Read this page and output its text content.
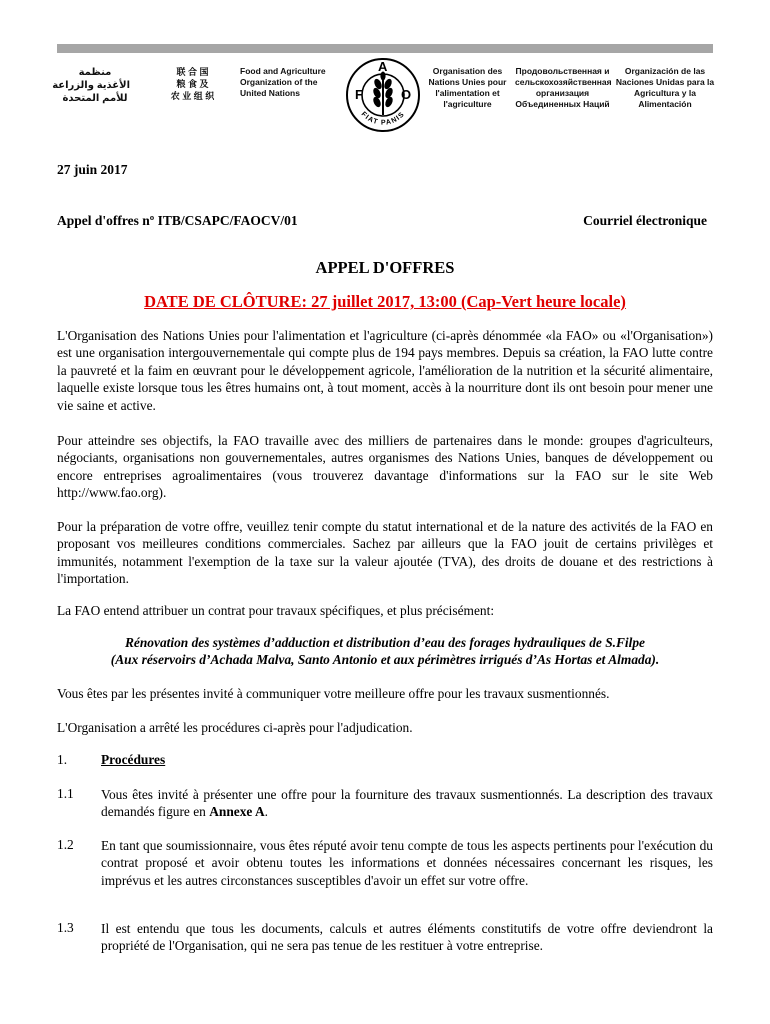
منظمة
الأغذية والزراعة
للأمم المتحدة
联 合 国
粮 食 及
农 业 组 织
Food and Agriculture
Organization of the
United Nations	F
A
O
FIAT PANIS
Organisation des
Nations Unies pour
l'alimentation et
l'agriculture
Продовольственная и
cельскохозяйственная
организация
Объединенных Наций
Organización de las
Naciones Unidas para la
Agricultura y la
Alimentación
27 juin 2017
Appel d'offres nº ITB/CSAPC/FAOCV/01	Courriel électronique
APPEL D'OFFRES
DATE DE CLÔTURE: 27 juillet 2017, 13:00 (Cap-Vert heure locale)
L'Organisation des Nations Unies pour l'alimentation et l'agriculture (ci-après dénommée «la FAO» ou «l'Organisation») est une organisation intergouvernementale qui compte plus de 194 pays membres. Depuis sa création, la FAO lutte contre la pauvreté et la faim en œuvrant pour le développement agricole, l'amélioration de la nutrition et la sécurité alimentaire, laquelle existe lorsque tous les êtres humains ont, à tout moment, accès à la nourriture dont ils ont besoin pour mener une vie saine et active.
Pour atteindre ses objectifs, la FAO travaille avec des milliers de partenaires dans le monde: groupes d'agriculteurs, négociants, organisations non gouvernementales, autres organismes des Nations Unies, banques de développement ou encore entreprises agroalimentaires (vous trouverez davantage d'informations sur la FAO sur le site Web http://www.fao.org).
Pour la préparation de votre offre, veuillez tenir compte du statut international et de la nature des activités de la FAO en proposant vos meilleures conditions commerciales. Sachez par ailleurs que la FAO jouit de certains privilèges et immunités, notamment l'exemption de la taxe sur la valeur ajoutée (TVA), des droits de douane et des restrictions à l'importation.
La FAO entend attribuer un contrat pour travaux spécifiques, et plus précisément:
Rénovation des systèmes d’adduction et distribution d’eau des forages hydrauliques de S.Filpe
(Aux réservoirs d’Achada Malva, Santo Antonio et aux périmètres irrigués d’As Hortas et Almada).
Vous êtes par les présentes invité à communiquer votre meilleure offre pour les travaux susmentionnés.
L'Organisation a arrêté les procédures ci-après pour l'adjudication.
1.	Procédures
1.1 Vous êtes invité à présenter une offre pour la fourniture des travaux susmentionnés. La description des travaux demandés figure en Annexe A.
1.2 En tant que soumissionnaire, vous êtes réputé avoir tenu compte de tous les aspects pertinents pour l'exécution du contrat proposé et avoir obtenu toutes les informations et données nécessaires concernant les risques, les imprévus et les autres circonstances susceptibles d'avoir un effet sur votre offre.
1.3 Il est entendu que tous les documents, calculs et autres éléments constitutifs de votre offre deviendront la propriété de l'Organisation, qui ne sera pas tenue de les restituer à votre entreprise.
